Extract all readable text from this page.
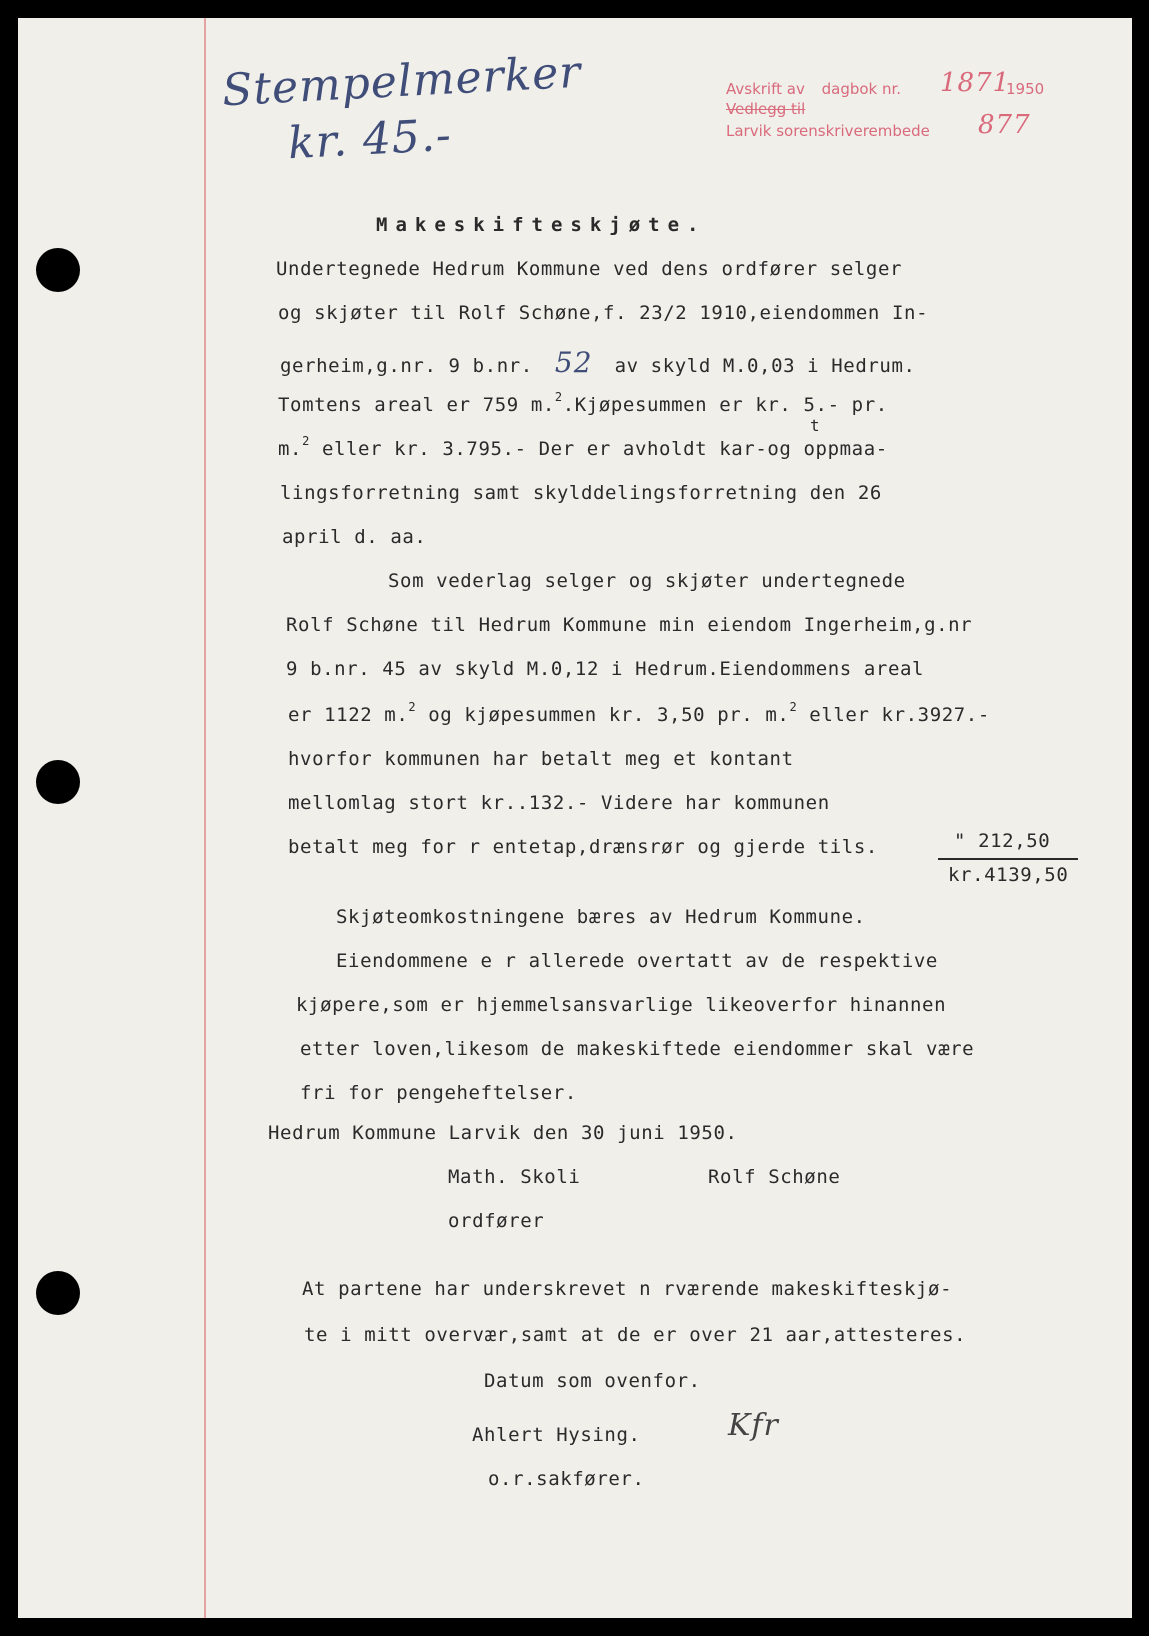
Stempelmerker
kr. 45.-
Avskrift av dagbok nr. 1871
1950
Vedlegg til
Larvik sorenskriverembede 877
Makeskifteskjøte.
Undertegnede Hedrum Kommune ved dens ordfører selger
og skjøter til Rolf Schøne,f. 23/2 1910,eiendommen In-
gerheim,g.nr. 9 b.nr. 52 av skyld M.0,03 i Hedrum.
Tomtens areal er 759 m.$^2$.Kjøpesummen er kr. 5.- pr.
t
m.$^2$ eller kr. 3.795.- Der er avholdt kar-og oppmaa-
lingsforretning samt skylddelingsforretning den 26
april d. aa.
Som vederlag selger og skjøter undertegnede
Rolf Schøne til Hedrum Kommune min eiendom Ingerheim,g.nr
9 b.nr. 45 av skyld M.0,12 i Hedrum.Eiendommens areal
er 1122 m.$^2$ og kjøpesummen kr. 3,50 pr. m.$^2$ eller kr.3927.-
hvorfor kommunen har betalt meg et kontant
mellomlag stort kr..132.- Videre har kommunen
betalt meg for r entetap,drænsrør og gjerde tils.	" 212,50
kr.4139,50
Skjøteomkostningene bæres av Hedrum Kommune.
Eiendommene e r allerede overtatt av de respektive
kjøpere,som er hjemmelsansvarlige likeoverfor hinannen
etter loven,likesom de makeskiftede eiendommer skal være
fri for pengeheftelser.
Hedrum Kommune Larvik den 30 juni 1950.
Math. Skoli	Rolf Schøne
ordfører
At partene har underskrevet n rværende makeskifteskjø-
te i mitt overvær,samt at de er over 21 aar,attesteres.
Datum som ovenfor.
Ahlert Hysing.	Kfr
o.r.sakfører.
